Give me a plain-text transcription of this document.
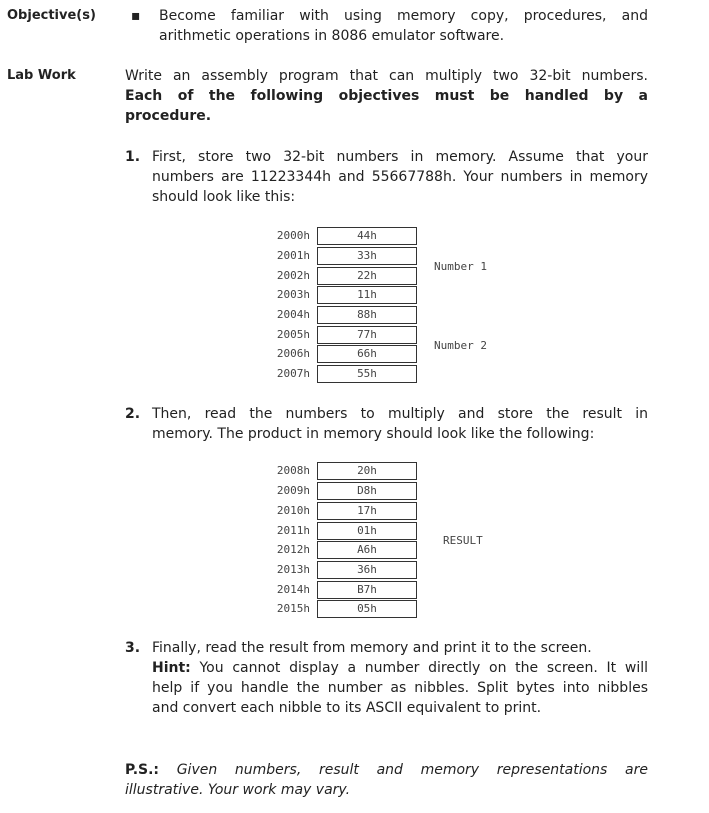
Objective(s)	▪ Become familiar with using memory copy, procedures, and
arithmetic operations in 8086 emulator software.
Lab Work	Write an assembly program that can multiply two 32-bit numbers.
Each of the following objectives must be handled by a
procedure.
1. First, store two 32-bit numbers in memory. Assume that your
numbers are 11223344h and 55667788h. Your numbers in memory
should look like this:
2000h
2001h
2002h
2003h
2004h
2005h
2006h
2007h
44h
33h
22h
11h
88h
77h
66h
55h
Number 1
Number 2
2. Then, read the numbers to multiply and store the result in
memory. The product in memory should look like the following:
2008h
2009h
2010h
2011h
2012h
2013h
2014h
2015h
20h
D8h
17h
01h
A6h
36h
B7h
05h
RESULT
3. Finally, read the result from memory and print it to the screen.
Hint: You cannot display a number directly on the screen. It will
help if you handle the number as nibbles. Split bytes into nibbles
and convert each nibble to its ASCII equivalent to print.
P.S.: Given numbers, result and memory representations are
illustrative. Your work may vary.
